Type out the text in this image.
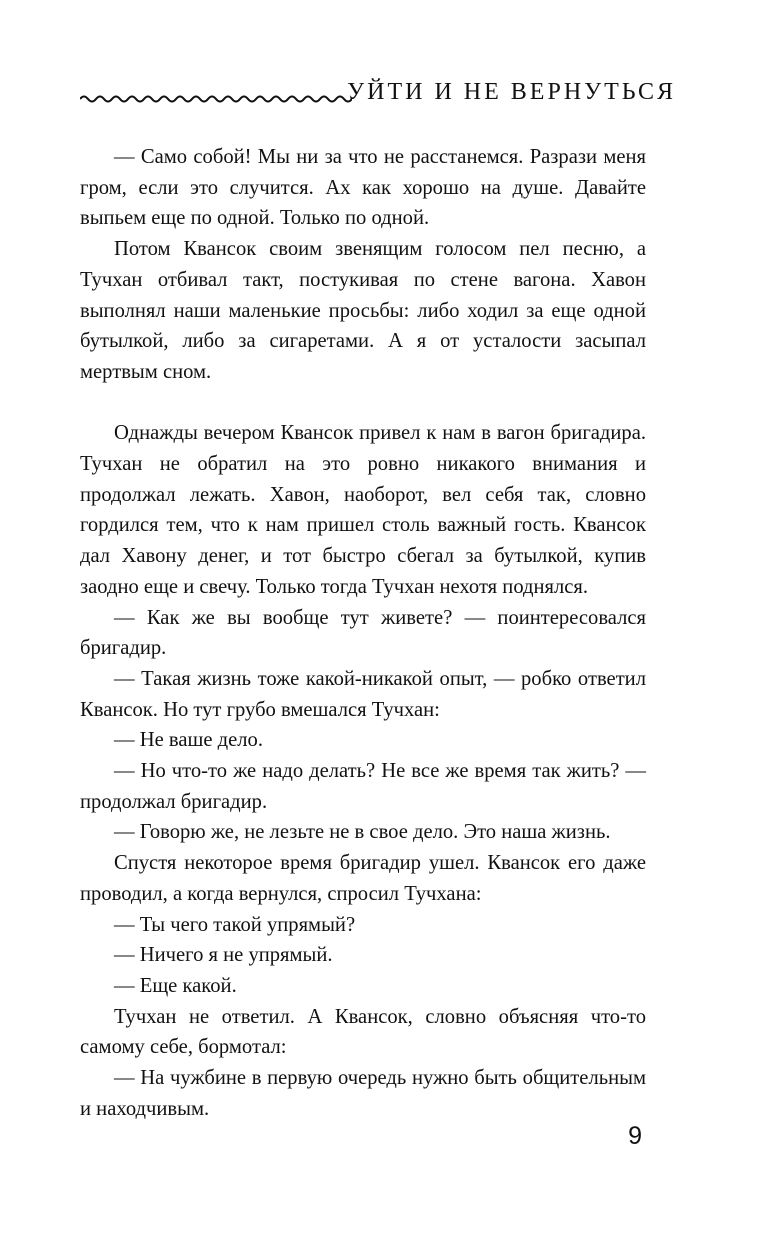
УЙТИ И НЕ ВЕРНУТЬСЯ

— Само собой! Мы ни за что не расстанемся. Разрази меня гром, если это случится. Ах как хорошо на душе. Давайте выпьем еще по одной. Только по одной.

Потом Квансок своим звенящим голосом пел песню, а Тучхан отбивал такт, постукивая по стене вагона. Хавон выполнял наши маленькие просьбы: либо ходил за еще одной бутылкой, либо за сигаретами. А я от усталости засыпал мертвым сном.

Однажды вечером Квансок привел к нам в вагон бригадира. Тучхан не обратил на это ровно никакого внимания и продолжал лежать. Хавон, наоборот, вел себя так, словно гордился тем, что к нам пришел столь важный гость. Квансок дал Хавону денег, и тот быстро сбегал за бутылкой, купив заодно еще и свечу. Только тогда Тучхан нехотя поднялся.

— Как же вы вообще тут живете? — поинтересовался бригадир.

— Такая жизнь тоже какой-никакой опыт, — робко ответил Квансок. Но тут грубо вмешался Тучхан:

— Не ваше дело.

— Но что-то же надо делать? Не все же время так жить? — продолжал бригадир.

— Говорю же, не лезьте не в свое дело. Это наша жизнь.

Спустя некоторое время бригадир ушел. Квансок его даже проводил, а когда вернулся, спросил Тучхана:

— Ты чего такой упрямый?

— Ничего я не упрямый.

— Еще какой.

Тучхан не ответил. А Квансок, словно объясняя что-то самому себе, бормотал:

— На чужбине в первую очередь нужно быть общительным и находчивым.

9
